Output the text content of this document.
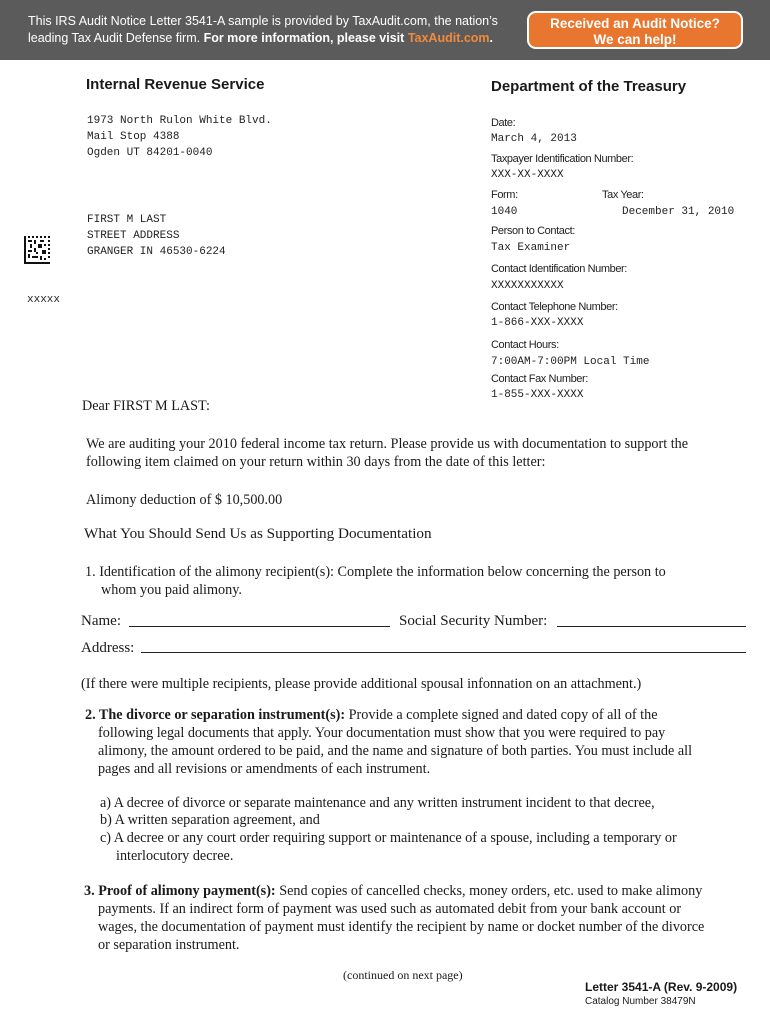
This IRS Audit Notice Letter 3541-A sample is provided by TaxAudit.com, the nation’s
leading Tax Audit Defense firm. For more information, please visit TaxAudit.com.
Received an Audit Notice?
We can help!
Internal Revenue Service	Department of the Treasury
1973 North Rulon White Blvd.
Mail Stop 4388
Ogden UT 84201-0040
FIRST M LAST
STREET ADDRESS
GRANGER IN 46530-6224
xxxxx
Date:
March 4, 2013
Taxpayer Identification Number:
XXX-XX-XXXX
Form:	Tax Year:
1040	December 31, 2010
Person to Contact:
Tax Examiner
Contact Identification Number:
XXXXXXXXXXX
Contact Telephone Number:
1-866-XXX-XXXX
Contact Hours:
7:00AM-7:00PM Local Time
Contact Fax Number:
1-855-XXX-XXXX
Dear FIRST M LAST:
We are auditing your 2010 federal income tax return. Please provide us with documentation to support the
following item claimed on your return within 30 days from the date of this letter:
Alimony deduction of $ 10,500.00
What You Should Send Us as Supporting Documentation
1. Identification of the alimony recipient(s): Complete the information below concerning the person to
whom you paid alimony.
Name:	Social Security Number:
Address:
(If there were multiple recipients, please provide additional spousal infonnation on an attachment.)
2. The divorce or separation instrument(s): Provide a complete signed and dated copy of all of the
following legal documents that apply. Your documentation must show that you were required to pay
alimony, the amount ordered to be paid, and the name and signature of both parties. You must include all
pages and all revisions or amendments of each instrument.
a) A decree of divorce or separate maintenance and any written instrument incident to that decree,
b) A written separation agreement, and
c) A decree or any court order requiring support or maintenance of a spouse, including a temporary or
interlocutory decree.
3. Proof of alimony payment(s): Send copies of cancelled checks, money orders, etc. used to make alimony
payments. If an indirect form of payment was used such as automated debit from your bank account or
wages, the documentation of payment must identify the recipient by name or docket number of the divorce
or separation instrument.
(continued on next page)
Letter 3541-A (Rev. 9-2009)
Catalog Number 38479N
